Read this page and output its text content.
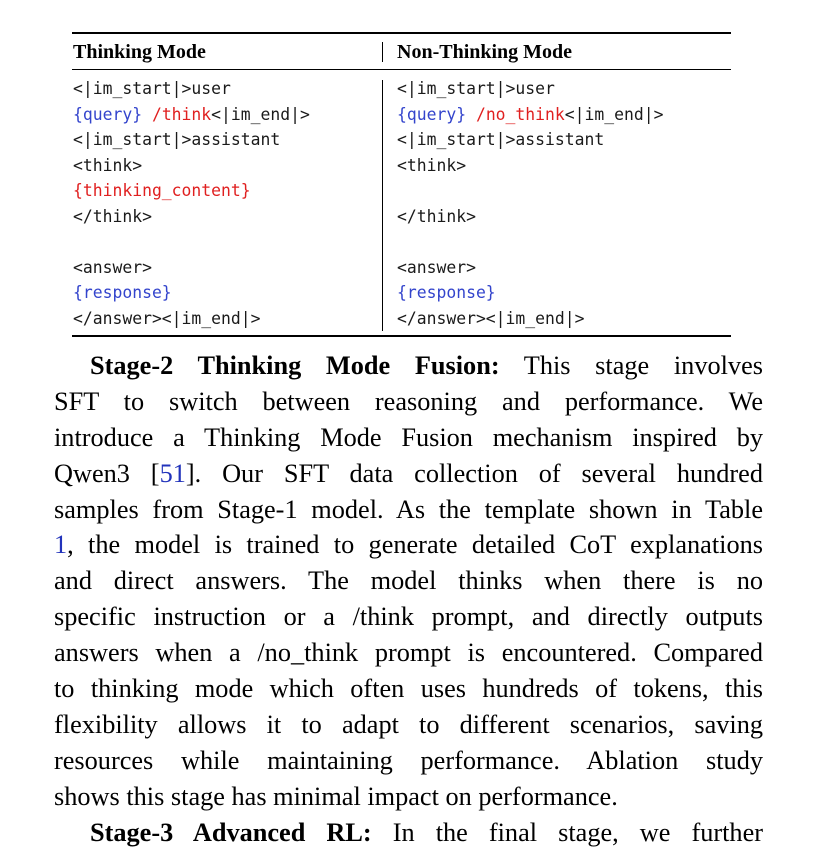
Thinking Mode	Non-Thinking Mode
<|im_start|>user
{query} /think<|im_end|>
<|im_start|>assistant
<think>
{thinking_content}
</think>
<answer>
{response}
</answer><|im_end|>
<|im_start|>user
{query} /no_think<|im_end|>
<|im_start|>assistant
<think>
</think>
<answer>
{response}
</answer><|im_end|>
Stage-2 Thinking Mode Fusion: This stage involves
SFT to switch between reasoning and performance. We
introduce a Thinking Mode Fusion mechanism inspired by
Qwen3 [51]. Our SFT data collection of several hundred
samples from Stage-1 model. As the template shown in Table
1, the model is trained to generate detailed CoT explanations
and direct answers. The model thinks when there is no
specific instruction or a /think prompt, and directly outputs
answers when a /no_think prompt is encountered. Compared
to thinking mode which often uses hundreds of tokens, this
flexibility allows it to adapt to different scenarios, saving
resources while maintaining performance. Ablation study
shows this stage has minimal impact on performance.
Stage-3 Advanced RL: In the final stage, we further
